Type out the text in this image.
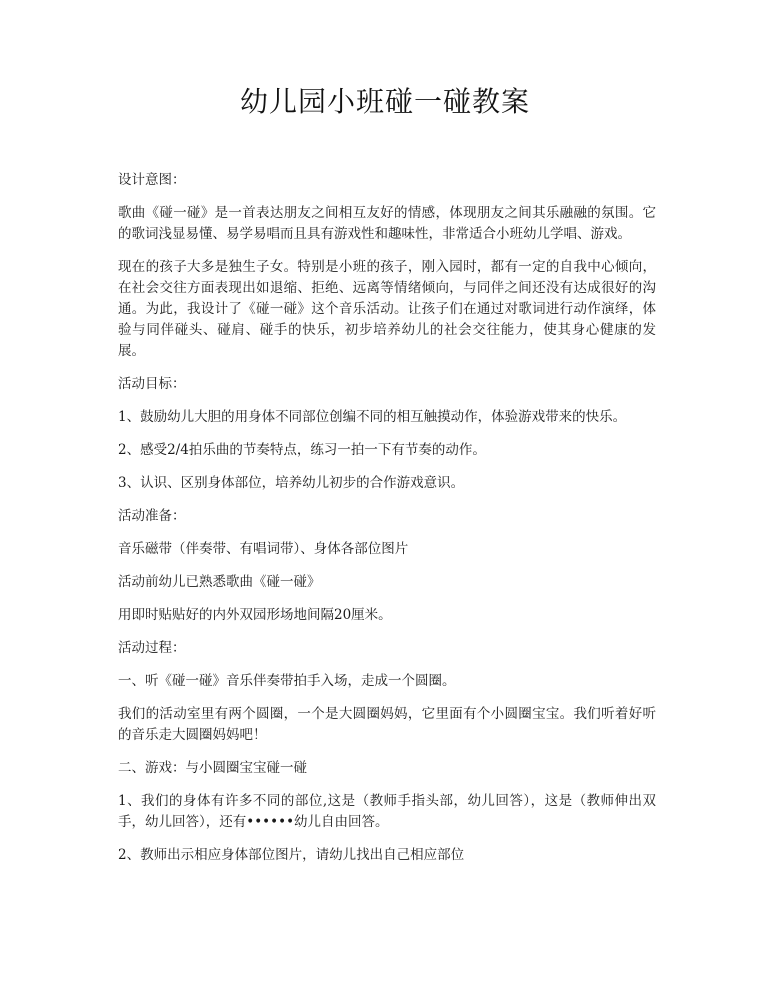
幼儿园小班碰一碰教案

设计意图：

歌曲《碰一碰》是一首表达朋友之间相互友好的情感，体现朋友之间其乐融融的氛围。它的歌词浅显易懂、易学易唱而且具有游戏性和趣味性，非常适合小班幼儿学唱、游戏。

现在的孩子大多是独生子女。特别是小班的孩子，刚入园时，都有一定的自我中心倾向，在社会交往方面表现出如退缩、拒绝、远离等情绪倾向，与同伴之间还没有达成很好的沟通。为此，我设计了《碰一碰》这个音乐活动。让孩子们在通过对歌词进行动作演绎，体验与同伴碰头、碰肩、碰手的快乐，初步培养幼儿的社会交往能力，使其身心健康的发展。

活动目标：

1、鼓励幼儿大胆的用身体不同部位创编不同的相互触摸动作，体验游戏带来的快乐。

2、感受2/4拍乐曲的节奏特点，练习一拍一下有节奏的动作。

3、认识、区别身体部位，培养幼儿初步的合作游戏意识。

活动准备：

音乐磁带（伴奏带、有唱词带）、身体各部位图片

活动前幼儿已熟悉歌曲《碰一碰》

用即时贴贴好的内外双园形场地间隔20厘米。

活动过程：

一、听《碰一碰》音乐伴奏带拍手入场，走成一个圆圈。

我们的活动室里有两个圆圈，一个是大圆圈妈妈，它里面有个小圆圈宝宝。我们听着好听的音乐走大圆圈妈妈吧！

二、游戏：与小圆圈宝宝碰一碰

1、我们的身体有许多不同的部位,这是（教师手指头部，幼儿回答），这是（教师伸出双手，幼儿回答），还有••••••幼儿自由回答。

2、教师出示相应身体部位图片，请幼儿找出自己相应部位
